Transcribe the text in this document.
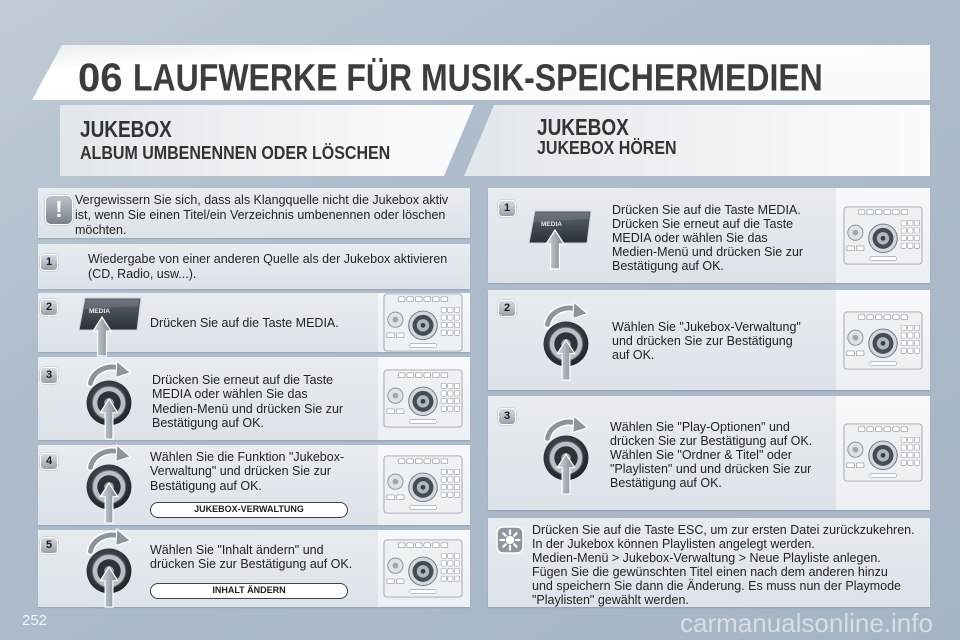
06 LAUFWERKE FÜR MUSIK-SPEICHERMEDIEN
JUKEBOX
ALBUM UMBENENNEN ODER LÖSCHEN
JUKEBOX
JUKEBOX HÖREN
! Vergewissern Sie sich, dass als Klangquelle nicht die Jukebox aktiv
ist, wenn Sie einen Titel/ein Verzeichnis umbenennen oder löschen
möchten.
1	Wiedergabe von einer anderen Quelle als der Jukebox aktivieren
(CD, Radio, usw...).
2	MEDIA
Drücken Sie auf die Taste MEDIA.
3	Drücken Sie erneut auf die Taste
MEDIA oder wählen Sie das
Medien-Menü und drücken Sie zur
Bestätigung auf OK.
4	Wählen Sie die Funktion "Jukebox-
Verwaltung" und drücken Sie zur
Bestätigung auf OK.
JUKEBOX-VERWALTUNG
5	Wählen Sie "Inhalt ändern" und
drücken Sie zur Bestätigung auf OK.
INHALT ÄNDERN
1
MEDIA
Drücken Sie auf die Taste MEDIA.
Drücken Sie erneut auf die Taste
MEDIA oder wählen Sie das
Medien-Menü und drücken Sie zur
Bestätigung auf OK.
2
Wählen Sie "Jukebox-Verwaltung"
und drücken Sie zur Bestätigung
auf OK.
3
Wählen Sie "Play-Optionen" und
drücken Sie zur Bestätigung auf OK.
Wählen Sie "Ordner & Titel" oder
"Playlisten" und und drücken Sie zur
Bestätigung auf OK.
Drücken Sie auf die Taste ESC, um zur ersten Datei zurückzukehren.
In der Jukebox können Playlisten angelegt werden.
Medien-Menü > Jukebox-Verwaltung > Neue Playliste anlegen.
Fügen Sie die gewünschten Titel einen nach dem anderen hinzu
und speichern Sie dann die Änderung. Es muss nun der Playmode
"Playlisten" gewählt werden.
252	carmanualsonline.info
